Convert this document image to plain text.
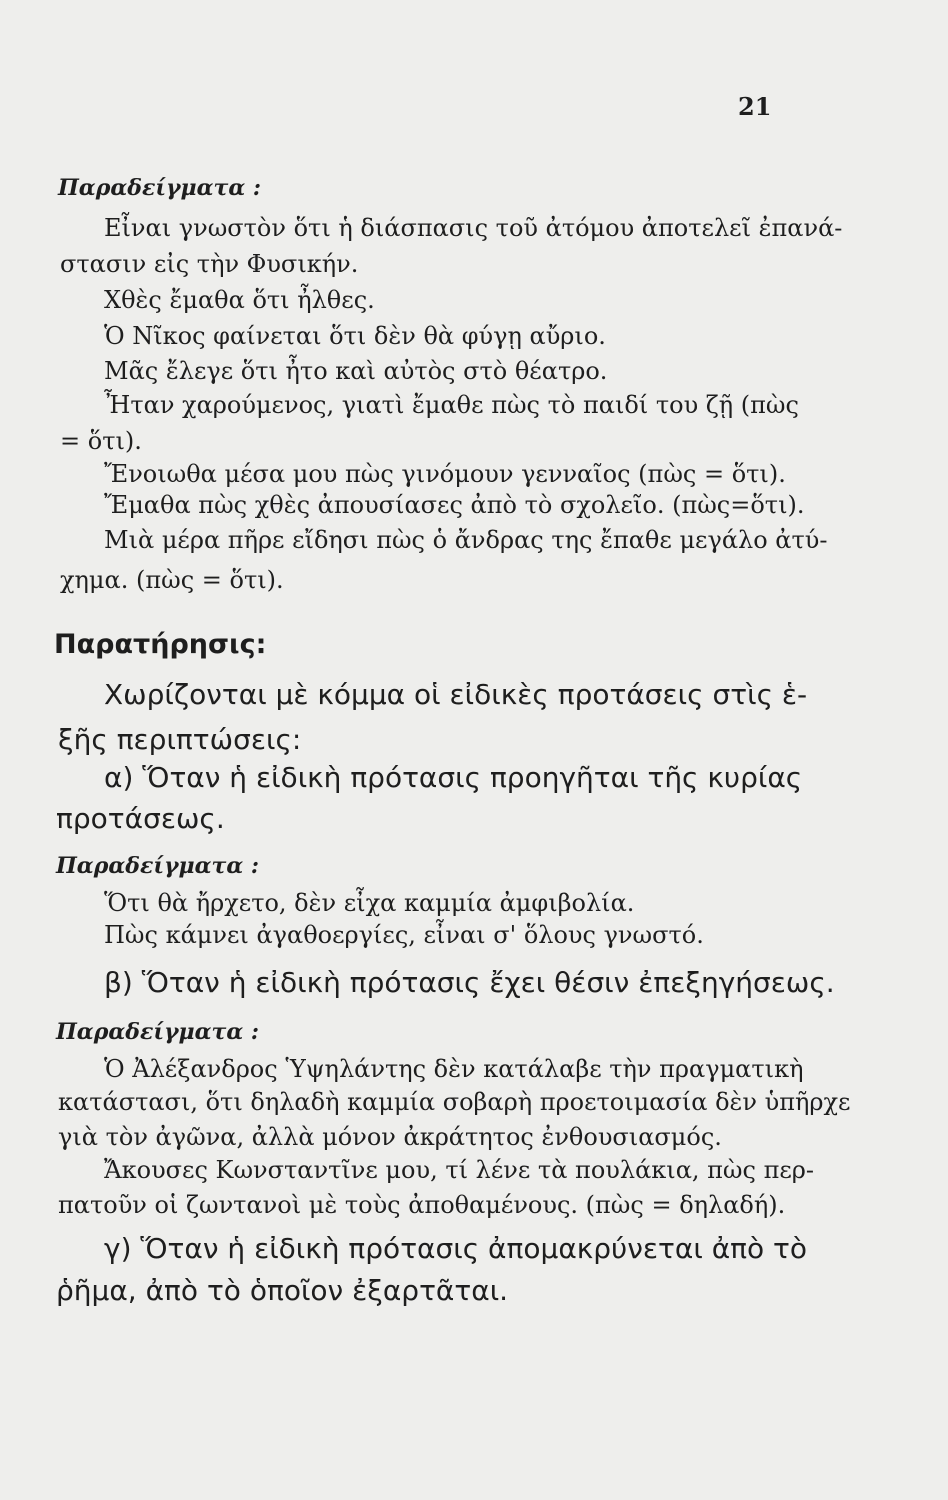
21
Παραδείγματα :
Εἶναι γνωστὸν ὅτι ἡ διάσπασις τοῦ ἀτόμου ἀποτελεῖ ἐπανά-
στασιν εἰς τὴν Φυσικήν.
Χθὲς ἔμαθα ὅτι ἦλθες.
Ὁ Νῖκος φαίνεται ὅτι δὲν θὰ φύγῃ αὔριο.
Μᾶς ἔλεγε ὅτι ἦτο καὶ αὐτὸς στὸ θέατρο.
Ἦταν χαρούμενος, γιατὶ ἔμαθε πὼς τὸ παιδί του ζῇ (πὼς
= ὅτι).
Ἔνοιωθα μέσα μου πὼς γινόμουν γενναῖος (πὼς = ὅτι).
Ἔμαθα πὼς χθὲς ἀπουσίασες ἀπὸ τὸ σχολεῖο. (πὼς=ὅτι).
Μιὰ μέρα πῆρε εἴδησι πὼς ὁ ἄνδρας της ἔπαθε μεγάλο ἀτύ-
χημα. (πὼς = ὅτι).
Παρατήρησις:
Χωρίζονται μὲ κόμμα οἱ εἰδικὲς προτάσεις στὶς ἑ-
ξῆς περιπτώσεις:
α) Ὅταν ἡ εἰδικὴ πρότασις προηγῆται τῆς κυρίας
προτάσεως.
Παραδείγματα :
Ὅτι θὰ ἤρχετο, δὲν εἶχα καμμία ἀμφιβολία.
Πὼς κάμνει ἀγαθοεργίες, εἶναι σ' ὅλους γνωστό.
β) Ὅταν ἡ εἰδικὴ πρότασις ἔχει θέσιν ἐπεξηγήσεως.
Παραδείγματα :
Ὁ Ἀλέξανδρος Ὑψηλάντης δὲν κατάλαβε τὴν πραγματικὴ
κατάστασι, ὅτι δηλαδὴ καμμία σοβαρὴ προετοιμασία δὲν ὑπῆρχε
γιὰ τὸν ἀγῶνα, ἀλλὰ μόνον ἀκράτητος ἐνθουσιασμός.
Ἄκουσες Κωνσταντῖνε μου, τί λένε τὰ πουλάκια, πὼς περ-
πατοῦν οἱ ζωντανοὶ μὲ τοὺς ἀποθαμένους. (πὼς = δηλαδή).
γ) Ὅταν ἡ εἰδικὴ πρότασις ἀπομακρύνεται ἀπὸ τὸ
ῥῆμα, ἀπὸ τὸ ὁποῖον ἐξαρτᾶται.
